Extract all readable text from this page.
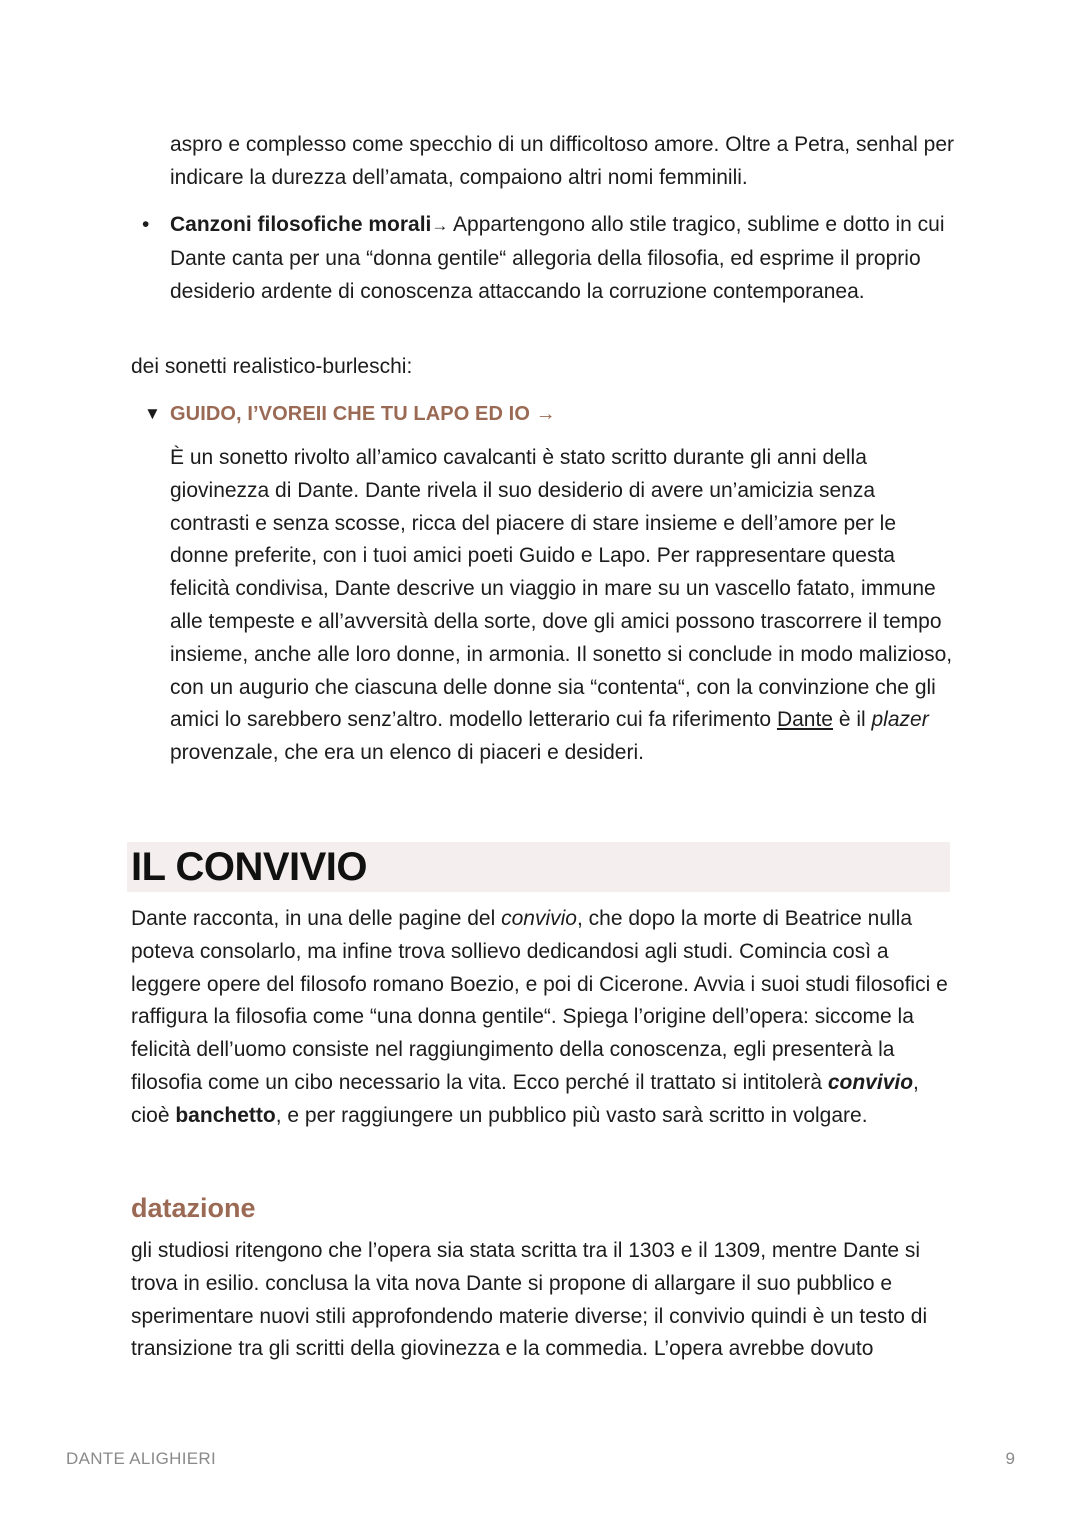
aspro e complesso come specchio di un difficoltoso amore. Oltre a Petra, senhal per indicare la durezza dell’amata, compaiono altri nomi femminili.

• Canzoni filosofiche morali→ Appartengono allo stile tragico, sublime e dotto in cui Dante canta per una “donna gentile“ allegoria della filosofia, ed esprime il proprio desiderio ardente di conoscenza attaccando la corruzione contemporanea.

dei sonetti realistico-burleschi:

▼ GUIDO, I’VOREII CHE TU LAPO ED IO →

È un sonetto rivolto all’amico cavalcanti è stato scritto durante gli anni della giovinezza di Dante. Dante rivela il suo desiderio di avere un’amicizia senza contrasti e senza scosse, ricca del piacere di stare insieme e dell’amore per le donne preferite, con i tuoi amici poeti Guido e Lapo. Per rappresentare questa felicità condivisa, Dante descrive un viaggio in mare su un vascello fatato, immune alle tempeste e all’avversità della sorte, dove gli amici possono trascorrere il tempo insieme, anche alle loro donne, in armonia. Il sonetto si conclude in modo malizioso, con un augurio che ciascuna delle donne sia “contenta“, con la convinzione che gli amici lo sarebbero senz’altro. modello letterario cui fa riferimento Dante è il plazer provenzale, che era un elenco di piaceri e desideri.

IL CONVIVIO

Dante racconta, in una delle pagine del convivio, che dopo la morte di Beatrice nulla poteva consolarlo, ma infine trova sollievo dedicandosi agli studi. Comincia così a leggere opere del filosofo romano Boezio, e poi di Cicerone. Avvia i suoi studi filosofici e raffigura la filosofia come “una donna gentile“. Spiega l’origine dell’opera: siccome la felicità dell’uomo consiste nel raggiungimento della conoscenza, egli presenterà la filosofia come un cibo necessario la vita. Ecco perché il trattato si intitolerà convivio, cioè banchetto, e per raggiungere un pubblico più vasto sarà scritto in volgare.

datazione

gli studiosi ritengono che l’opera sia stata scritta tra il 1303 e il 1309, mentre Dante si trova in esilio. conclusa la vita nova Dante si propone di allargare il suo pubblico e sperimentare nuovi stili approfondendo materie diverse; il convivio quindi è un testo di transizione tra gli scritti della giovinezza e la commedia. L’opera avrebbe dovuto

DANTE ALIGHIERI	9
